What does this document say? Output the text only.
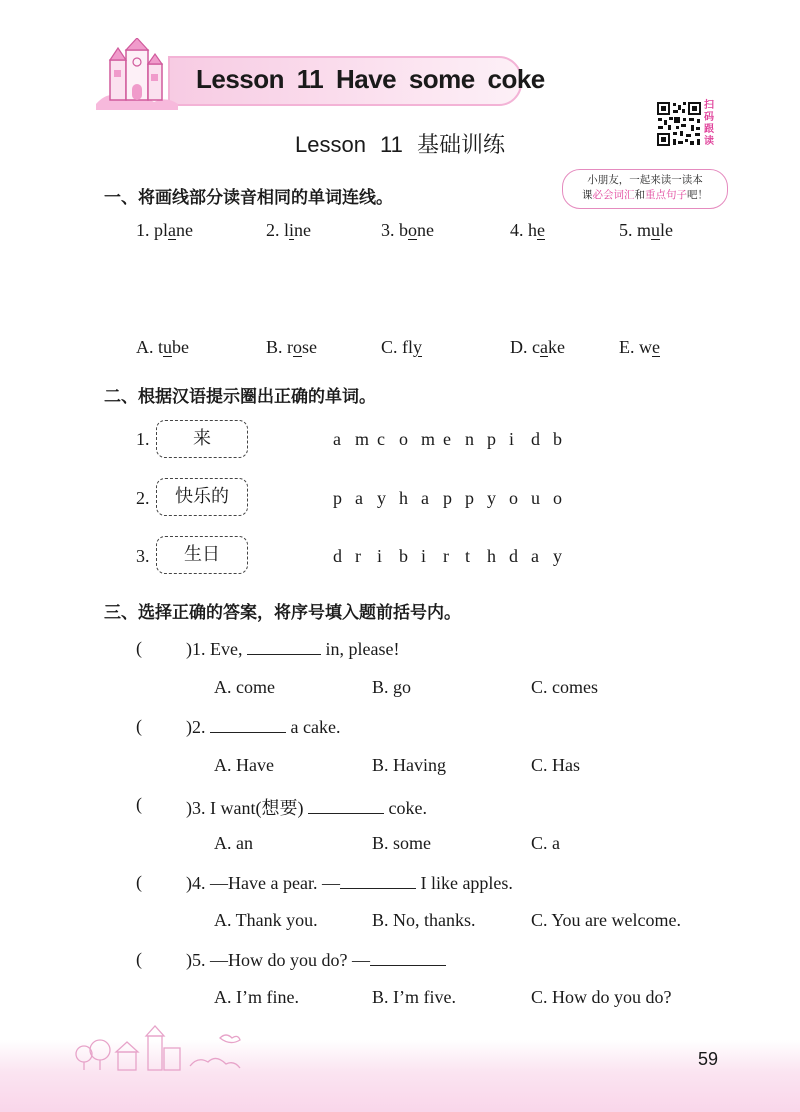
Lesson 11 Have some coke
Lesson 11 基础训练
扫码跟读
小朋友，一起来读一读本
课必会词汇和重点句子吧！
一、将画线部分读音相同的单词连线。
1. plane	2. line	3. bone	4. he	5. mule
A. tube	B. rose	C. fly	D. cake	E. we
二、根据汉语提示圈出正确的单词。
1.	来	a m c o m e n p i d b
2.	快乐的	p a y h a p p y o u o
3.	生日	d r i b i r t h d a y
三、选择正确的答案，将序号填入题前括号内。
( )1. Eve,	in, please!
A. come	B. go	C. comes
( )2.	a cake.
A. Have	B. Having	C. Has
( )3. I want(想要)	coke.
A. an	B. some	C. a
( )4. —Have a pear. —	I like apples.
A. Thank you.	B. No, thanks.	C. You are welcome.
( )5. —How do you do? —
A. I’m fine.	B. I’m five.	C. How do you do?
59
